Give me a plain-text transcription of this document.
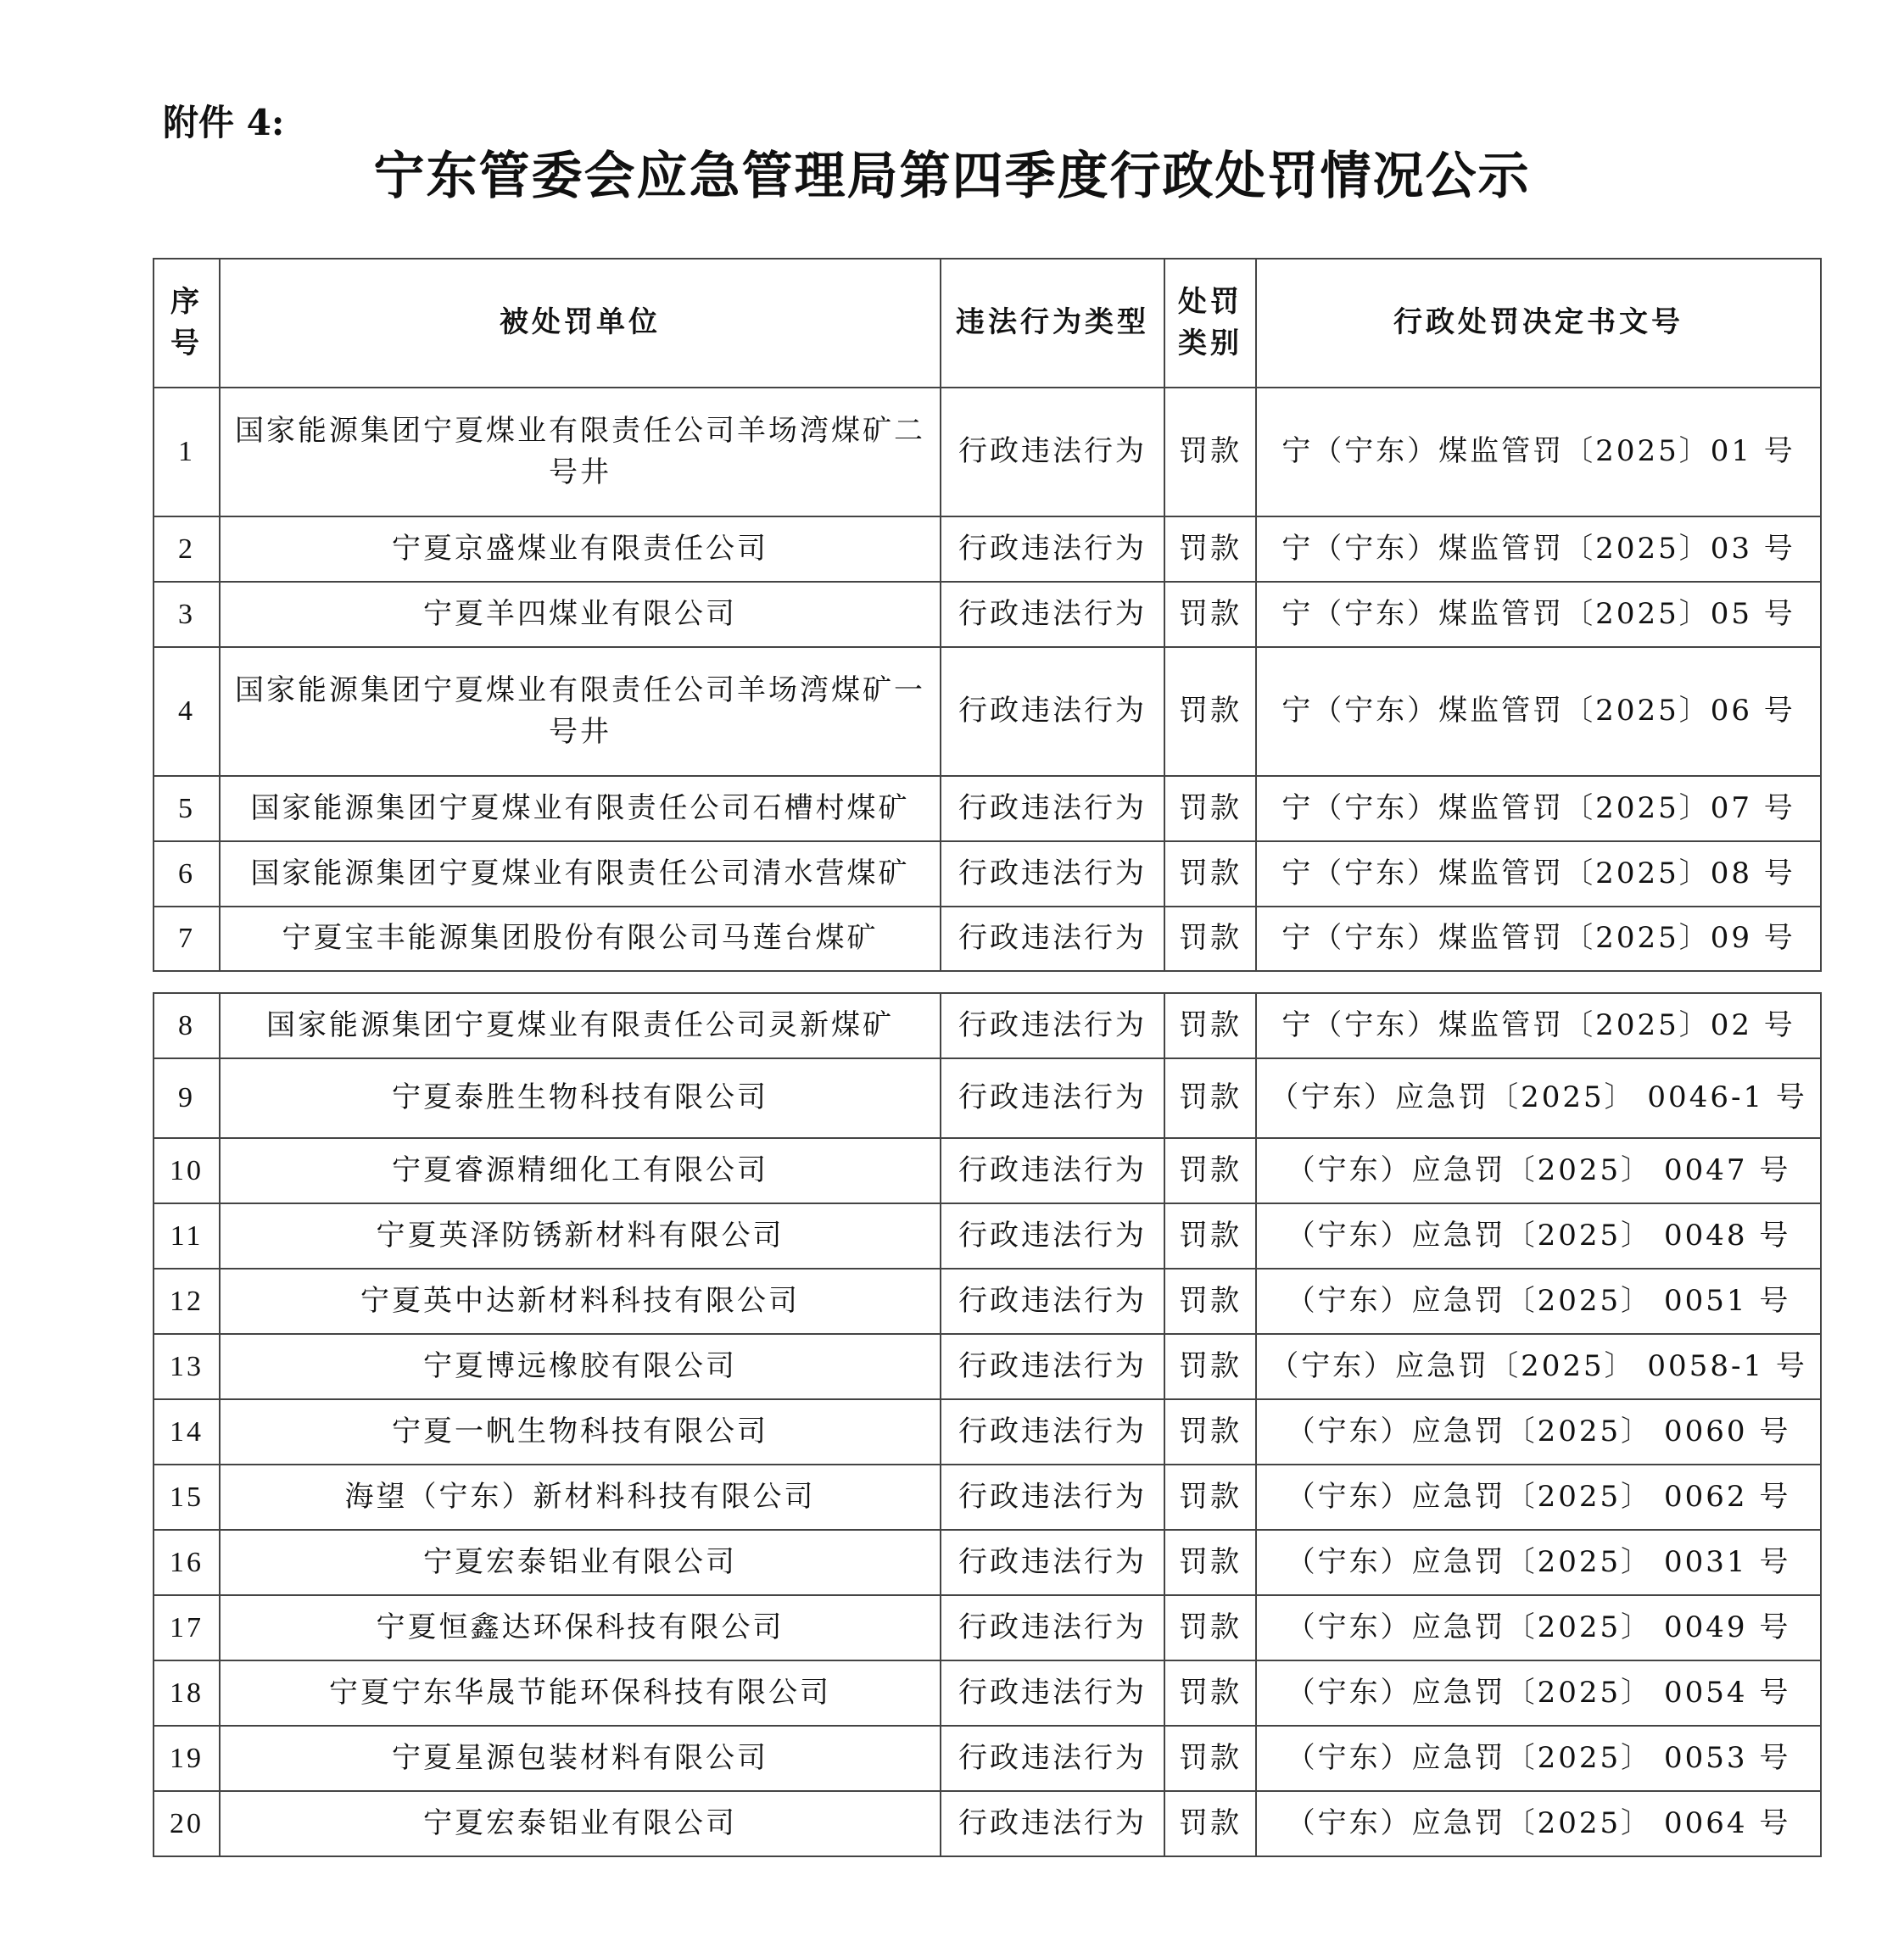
附件 4:
宁东管委会应急管理局第四季度行政处罚情况公示
序号	被处罚单位	违法行为类型	处罚类别	行政处罚决定书文号
1	国家能源集团宁夏煤业有限责任公司羊场湾煤矿二号井	行政违法行为	罚款	宁（宁东）煤监管罚〔2025〕01 号
2	宁夏京盛煤业有限责任公司	行政违法行为	罚款	宁（宁东）煤监管罚〔2025〕03 号
3	宁夏羊四煤业有限公司	行政违法行为	罚款	宁（宁东）煤监管罚〔2025〕05 号
4	国家能源集团宁夏煤业有限责任公司羊场湾煤矿一号井	行政违法行为	罚款	宁（宁东）煤监管罚〔2025〕06 号
5	国家能源集团宁夏煤业有限责任公司石槽村煤矿	行政违法行为	罚款	宁（宁东）煤监管罚〔2025〕07 号
6	国家能源集团宁夏煤业有限责任公司清水营煤矿	行政违法行为	罚款	宁（宁东）煤监管罚〔2025〕08 号
7	宁夏宝丰能源集团股份有限公司马莲台煤矿	行政违法行为	罚款	宁（宁东）煤监管罚〔2025〕09 号
8	国家能源集团宁夏煤业有限责任公司灵新煤矿	行政违法行为	罚款	宁（宁东）煤监管罚〔2025〕02 号
9	宁夏泰胜生物科技有限公司	行政违法行为	罚款	（宁东）应急罚〔2025〕 0046-1 号
10	宁夏睿源精细化工有限公司	行政违法行为	罚款	（宁东）应急罚〔2025〕 0047 号
11	宁夏英泽防锈新材料有限公司	行政违法行为	罚款	（宁东）应急罚〔2025〕 0048 号
12	宁夏英中达新材料科技有限公司	行政违法行为	罚款	（宁东）应急罚〔2025〕 0051 号
13	宁夏博远橡胶有限公司	行政违法行为	罚款	（宁东）应急罚〔2025〕 0058-1 号
14	宁夏一帆生物科技有限公司	行政违法行为	罚款	（宁东）应急罚〔2025〕 0060 号
15	海望（宁东）新材料科技有限公司	行政违法行为	罚款	（宁东）应急罚〔2025〕 0062 号
16	宁夏宏泰铝业有限公司	行政违法行为	罚款	（宁东）应急罚〔2025〕 0031 号
17	宁夏恒鑫达环保科技有限公司	行政违法行为	罚款	（宁东）应急罚〔2025〕 0049 号
18	宁夏宁东华晟节能环保科技有限公司	行政违法行为	罚款	（宁东）应急罚〔2025〕 0054 号
19	宁夏星源包装材料有限公司	行政违法行为	罚款	（宁东）应急罚〔2025〕 0053 号
20	宁夏宏泰铝业有限公司	行政违法行为	罚款	（宁东）应急罚〔2025〕 0064 号
